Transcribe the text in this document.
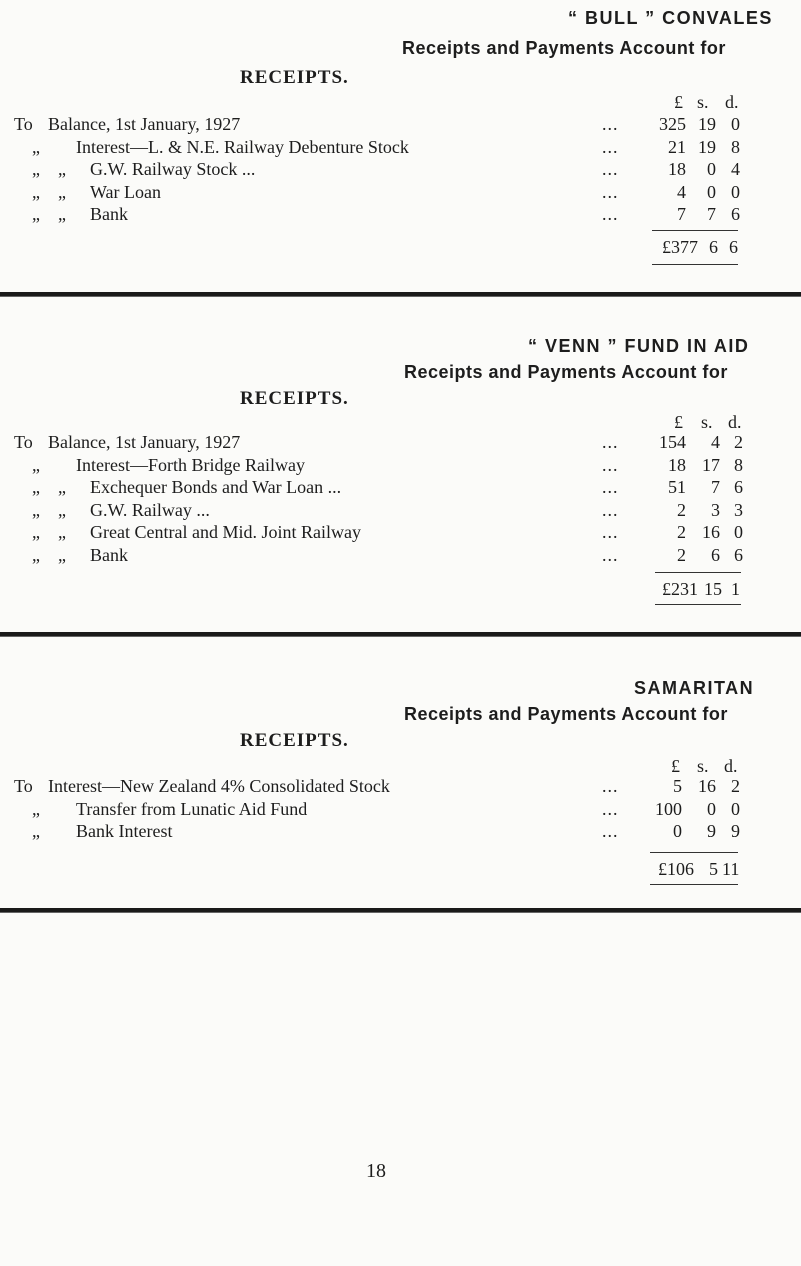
“ BULL ” CONVALES
Receipts and Payments Account for
RECEIPTS.
£ s. d.
To Balance, 1st January, 1927	325 19 0
...
„ Interest—L. & N.E. Railway Debenture Stock	21 19 8
...
„ „ G.W. Railway Stock ...	18	0 4
...
„ „ War Loan	4	0 0
...
„ „ Bank	7	7 6
...
£377 6 6
“ VENN ” FUND IN AID
Receipts and Payments Account for
RECEIPTS.
£ s. d.
To Balance, 1st January, 1927	154	4 2
...
„ Interest—Forth Bridge Railway	18 17 8
...
„ „ Exchequer Bonds and War Loan ...	51	7 6
...
„ „ G.W. Railway ...	2	3 3
...
„ „ Great Central and Mid. Joint Railway	2 16 0
...
„ „ Bank	2	6 6
...
£231 15 1
SAMARITAN
Receipts and Payments Account for
RECEIPTS.
£ s. d.
To Interest—New Zealand 4% Consolidated Stock	5 16 2
...
„ Transfer from Lunatic Aid Fund	100	0 0
...
„ Bank Interest	0	9 9
...
£106 5 11

18
